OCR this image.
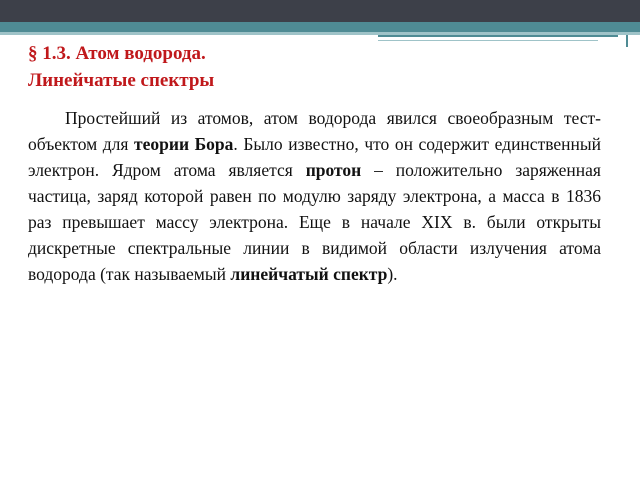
§ 1.3. Атом водорода.
Линейчатые спектры

Простейший из атомов, атом водорода явился своеобразным тест-объектом для теории Бора. Было известно, что он содержит единственный электрон. Ядром атома является протон – положительно заряженная частица, заряд которой равен по модулю заряду электрона, а масса в 1836 раз превышает массу электрона. Еще в начале XIX в. были открыты дискретные спектральные линии в видимой области излучения атома водорода (так называемый линейчатый спектр).
